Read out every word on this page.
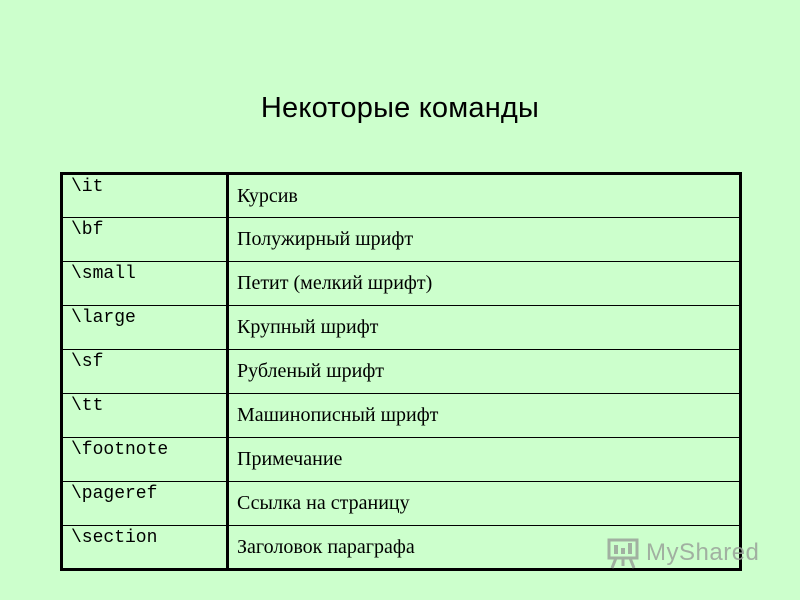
Некоторые команды
\it	Курсив
\bf	Полужирный шрифт
\small	Петит (мелкий шрифт)
\large	Крупный шрифт
\sf	Рубленый шрифт
\tt	Машинописный шрифт
\footnote	Примечание
\pageref	Ссылка на страницу
\section	Заголовок параграфа	MyShared
